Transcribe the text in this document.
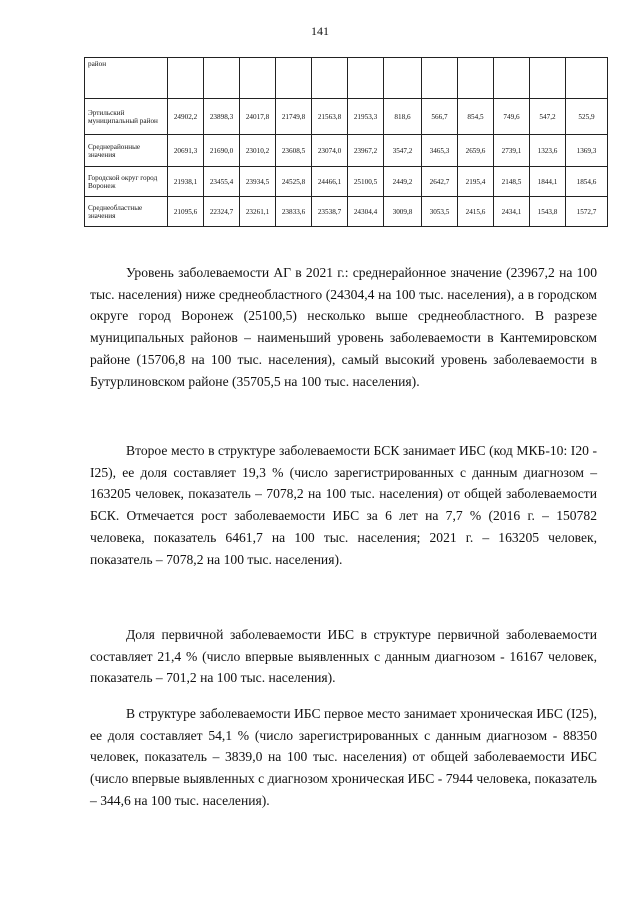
141
район												
Эртильский муниципальный район	24902,2	23898,3	24017,8	21749,8	21563,8	21953,3	818,6	566,7	854,5	749,6	547,2	525,9
Среднерайонные значения	20691,3	21690,0	23010,2	23608,5	23074,0	23967,2	3547,2	3465,3	2659,6	2739,1	1323,6	1369,3
Городской округ город Воронеж	21938,1	23455,4	23934,5	24525,8	24466,1	25100,5	2449,2	2642,7	2195,4	2148,5	1844,1	1854,6
Среднеобластные значения	21095,6	22324,7	23261,1	23833,6	23538,7	24304,4	3009,8	3053,5	2415,6	2434,1	1543,8	1572,7

Уровень заболеваемости АГ в 2021 г.: среднерайонное значение (23967,2 на 100 тыс. населения) ниже среднеобластного (24304,4 на 100 тыс. населения), а в городском округе город Воронеж (25100,5) несколько выше среднеобластного. В разрезе муниципальных районов – наименьший уровень заболеваемости в Кантемировском районе (15706,8 на 100 тыс. населения), самый высокий уровень заболеваемости в Бутурлиновском районе (35705,5 на 100 тыс. населения).

Второе место в структуре заболеваемости БСК занимает ИБС (код МКБ-10: I20 - I25), ее доля составляет 19,3 % (число зарегистрированных с данным диагнозом – 163205 человек, показатель – 7078,2 на 100 тыс. населения) от общей заболеваемости БСК. Отмечается рост заболеваемости ИБС за 6 лет на 7,7 % (2016 г. – 150782 человека, показатель 6461,7 на 100 тыс. населения; 2021 г. – 163205 человек, показатель – 7078,2 на 100 тыс. населения).

Доля первичной заболеваемости ИБС в структуре первичной заболеваемости составляет 21,4 % (число впервые выявленных с данным диагнозом - 16167 человек, показатель – 701,2 на 100 тыс. населения).

В структуре заболеваемости ИБС первое место занимает хроническая ИБС (I25), ее доля составляет 54,1 % (число зарегистрированных с данным диагнозом - 88350 человек, показатель – 3839,0 на 100 тыс. населения) от общей заболеваемости ИБС (число впервые выявленных с диагнозом хроническая ИБС - 7944 человека, показатель – 344,6 на 100 тыс. населения).
